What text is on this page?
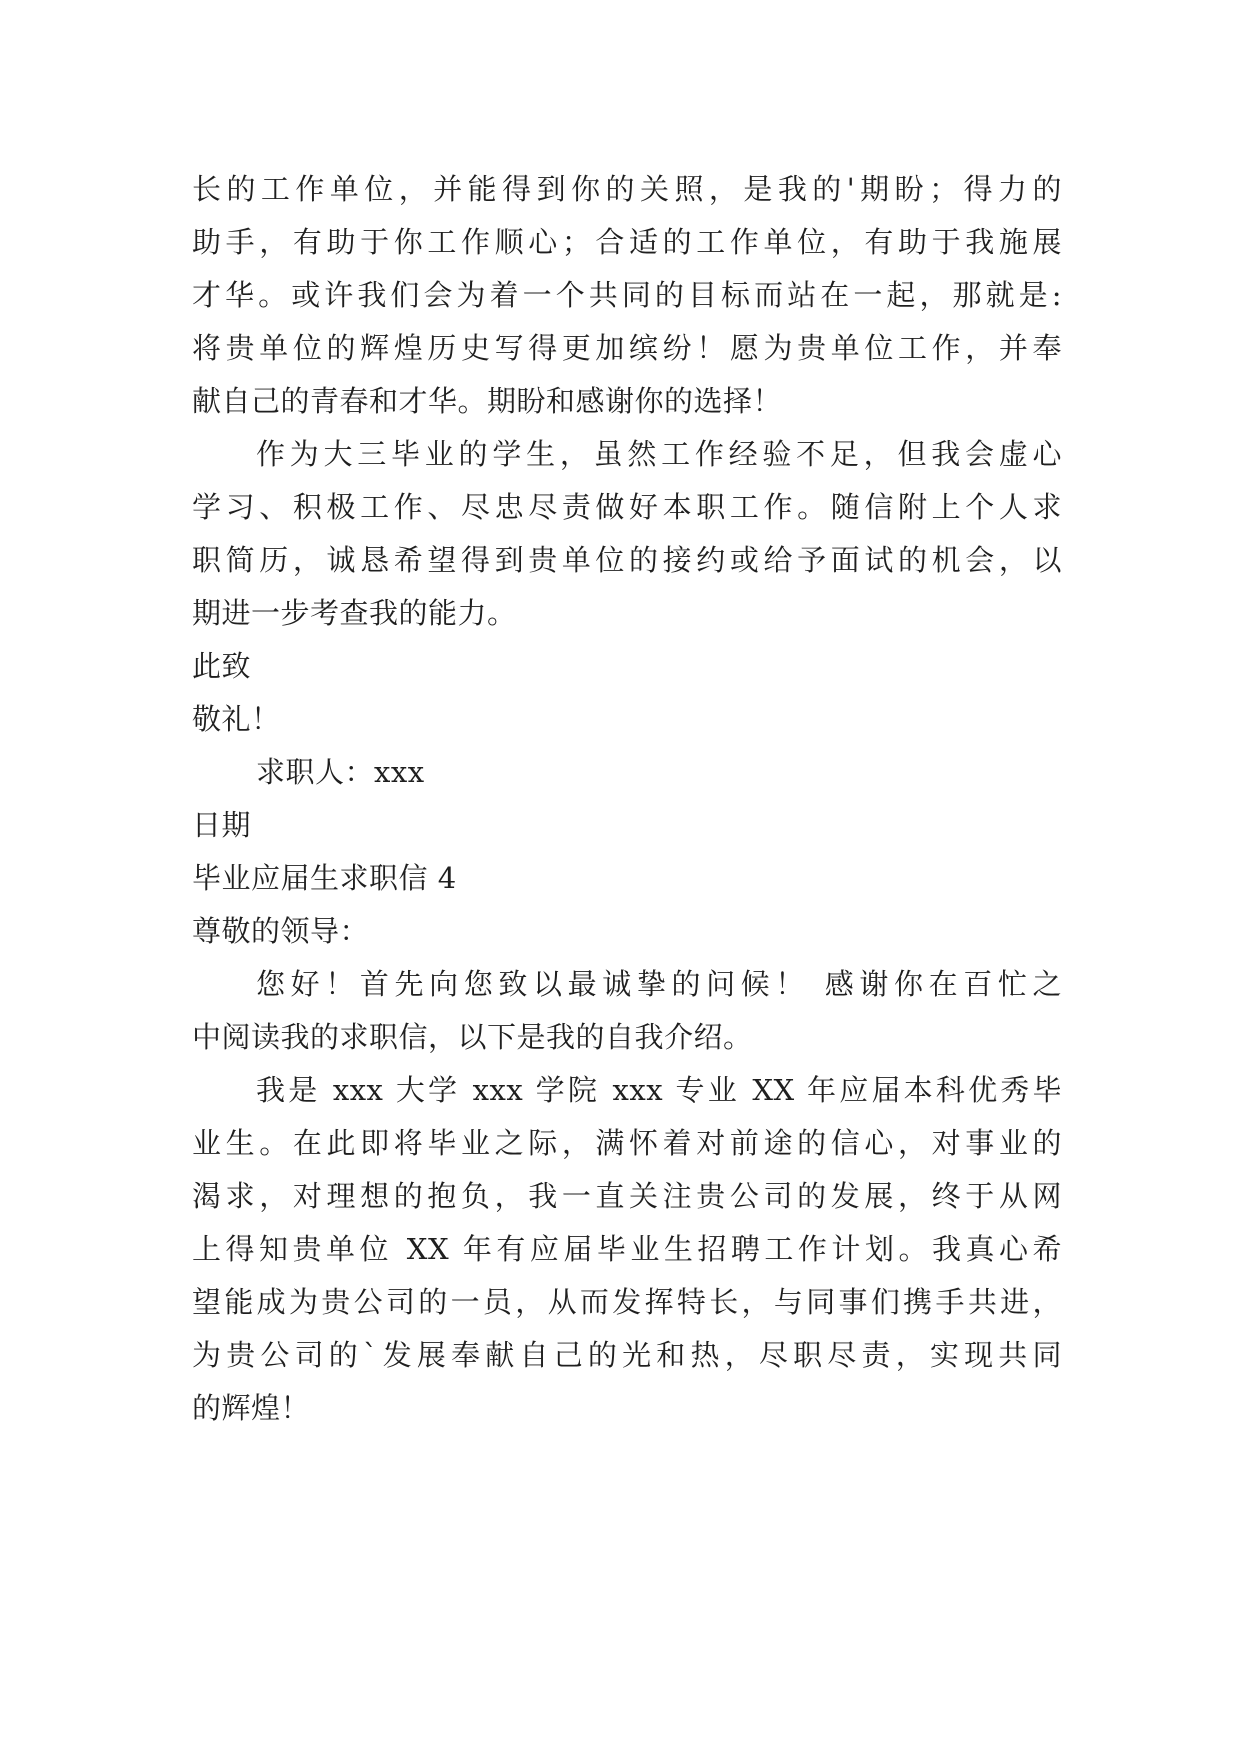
长的工作单位，并能得到你的关照，是我的'期盼；得力的
助手，有助于你工作顺心；合适的工作单位，有助于我施展
才华。或许我们会为着一个共同的目标而站在一起，那就是:
将贵单位的辉煌历史写得更加缤纷！愿为贵单位工作，并奉
献自己的青春和才华。期盼和感谢你的选择！
作为大三毕业的学生，虽然工作经验不足，但我会虚心
学习、积极工作、尽忠尽责做好本职工作。随信附上个人求
职简历，诚恳希望得到贵单位的接约或给予面试的机会，以
期进一步考查我的能力。
此致
敬礼！
求职人：xxx
日期
毕业应届生求职信 4
尊敬的领导：
您好！首先向您致以最诚挚的问候！ 感谢你在百忙之
中阅读我的求职信，以下是我的自我介绍。
我是 xxx 大学 xxx 学院 xxx 专业 XX 年应届本科优秀毕
业生。在此即将毕业之际，满怀着对前途的信心，对事业的
渴求，对理想的抱负，我一直关注贵公司的发展，终于从网
上得知贵单位 XX 年有应届毕业生招聘工作计划。我真心希
望能成为贵公司的一员，从而发挥特长，与同事们携手共进，
为贵公司的`发展奉献自己的光和热，尽职尽责，实现共同
的辉煌！
